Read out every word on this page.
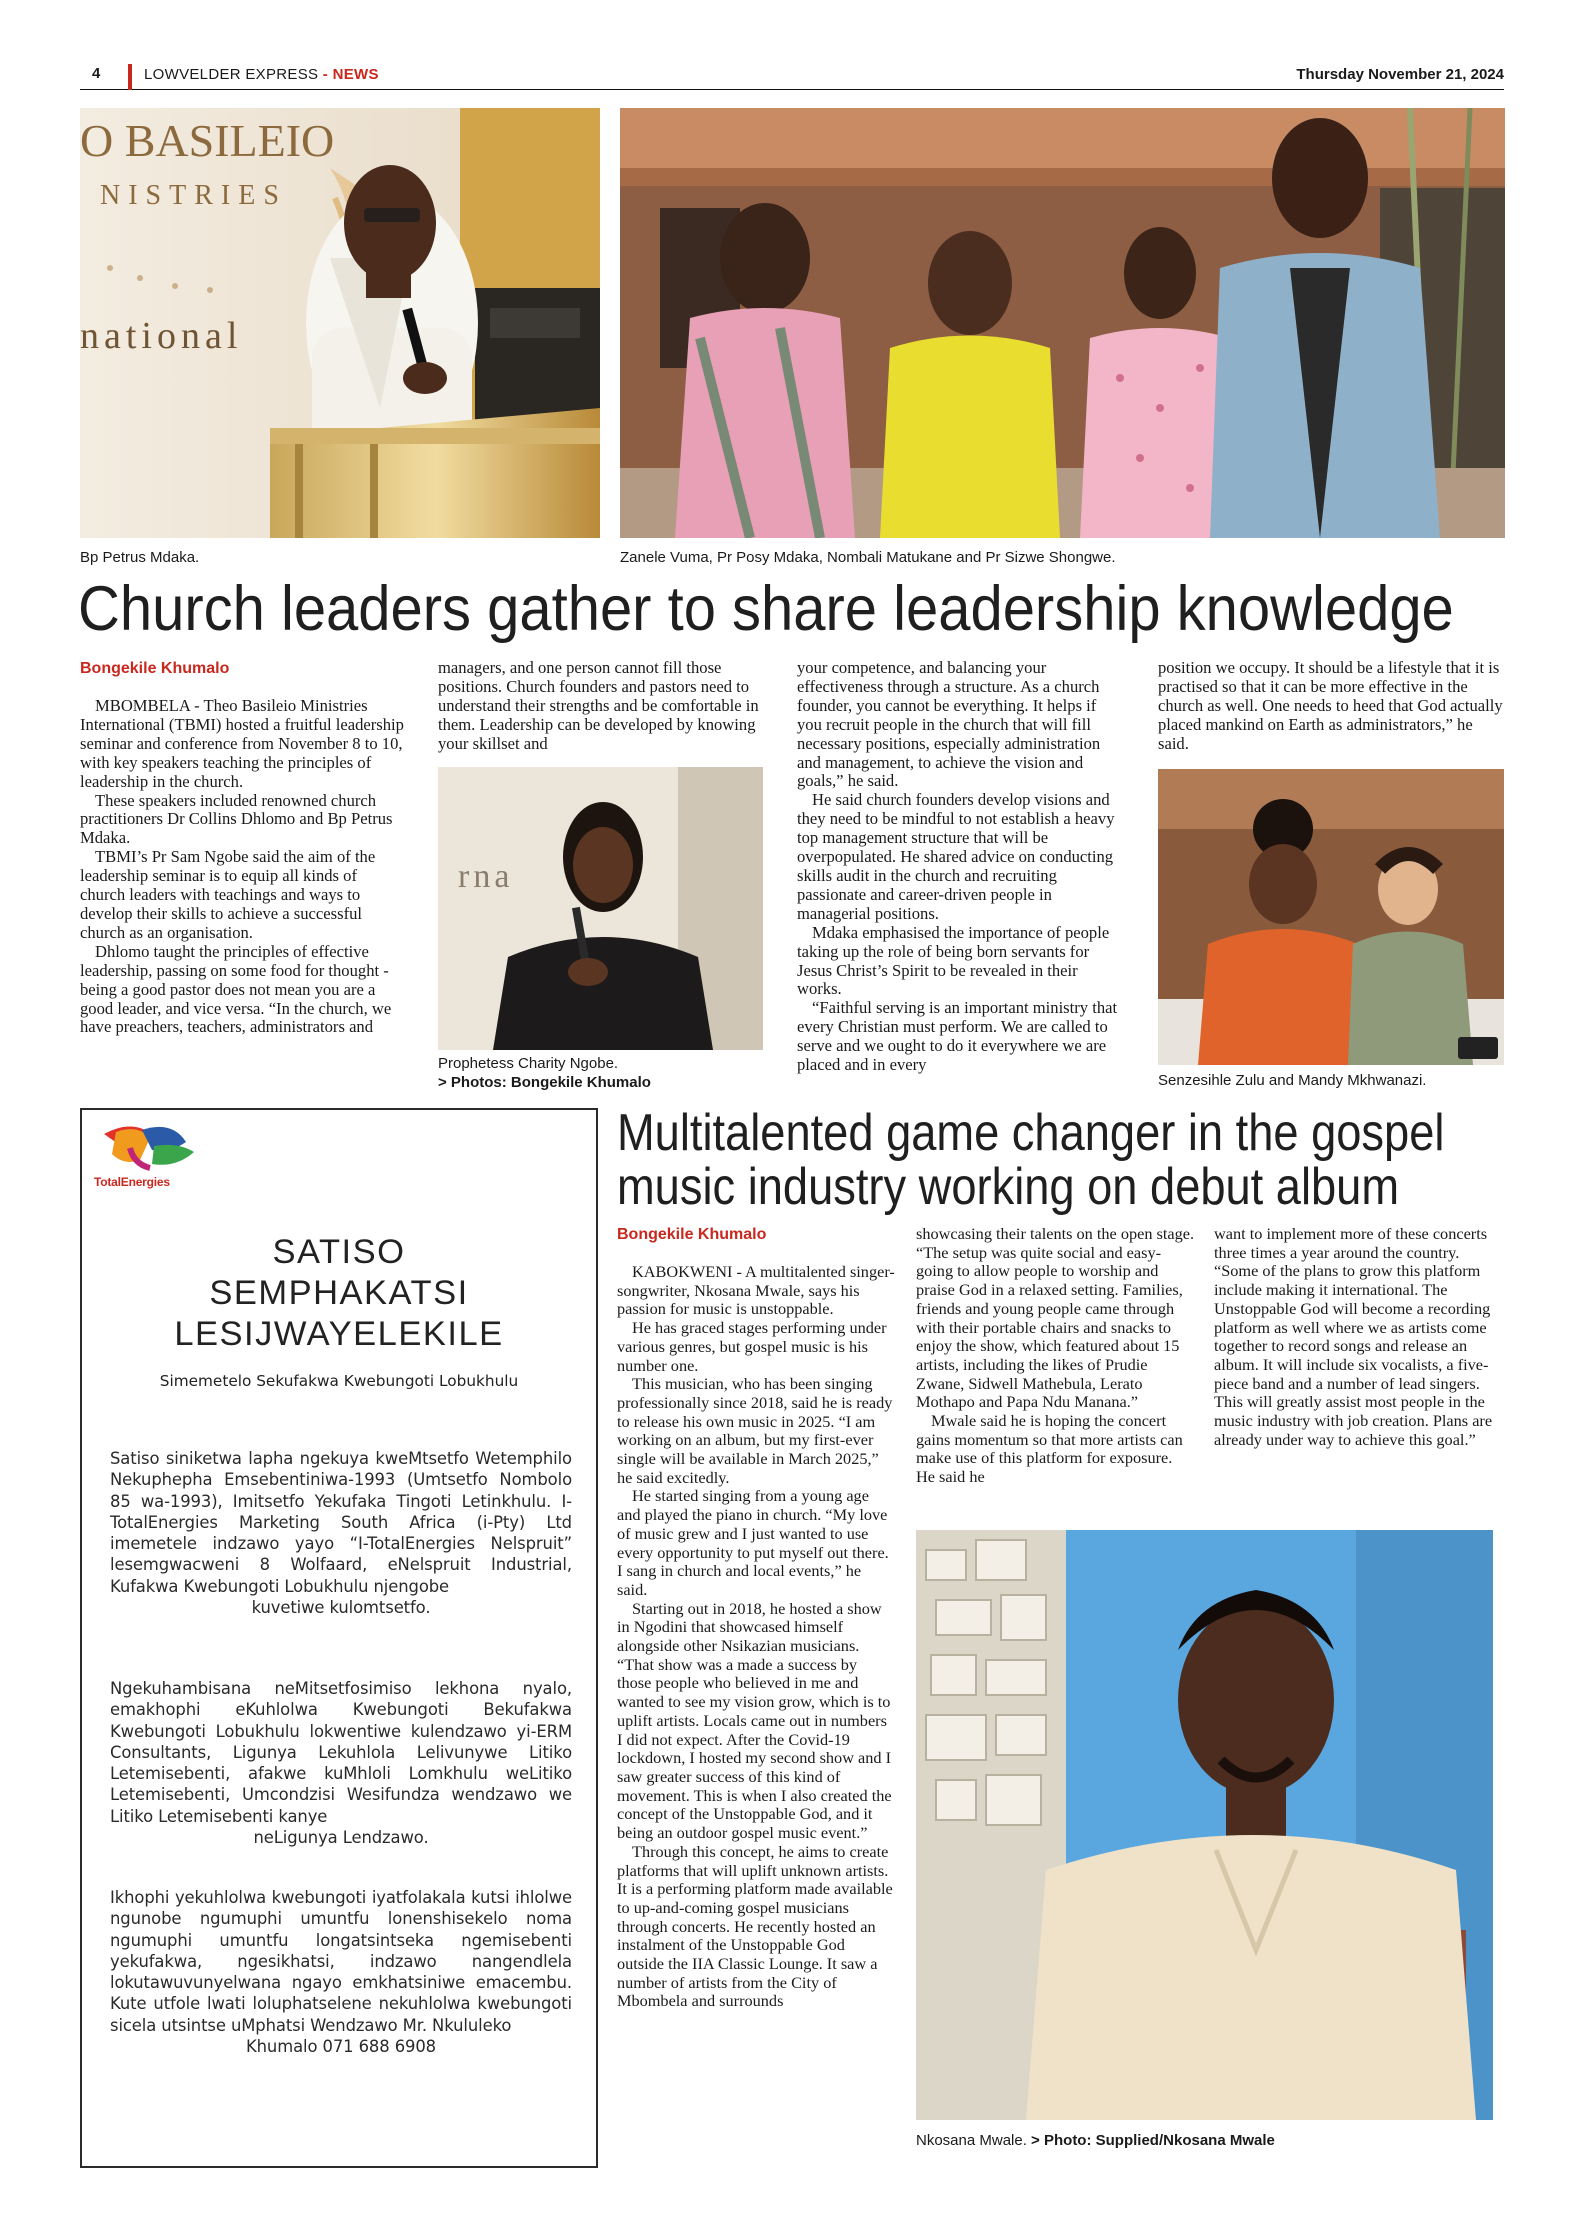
4	LOWVELDER EXPRESS - NEWS	Thursday November 21, 2024
O BASILEIO
NISTRIES
national
Bp Petrus Mdaka.	Zanele Vuma, Pr Posy Mdaka, Nombali Matukane and Pr Sizwe Shongwe.
Church leaders gather to share leadership knowledge
Bongekile Khumalo

MBOMBELA - Theo Basileio Ministries International (TBMI) hosted a fruitful leadership seminar and conference from November 8 to 10, with key speakers teaching the principles of leadership in the church.

These speakers included renowned church practitioners Dr Collins Dhlomo and Bp Petrus Mdaka.

TBMI’s Pr Sam Ngobe said the aim of the leadership seminar is to equip all kinds of church leaders with teachings and ways to develop their skills to achieve a successful church as an organisation.

Dhlomo taught the principles of effective leadership, passing on some food for thought - being a good pastor does not mean you are a good leader, and vice versa. “In the church, we have preachers, teachers, administrators and

managers, and one person cannot fill those positions. Church founders and pastors need to understand their strengths and be comfortable in them. Leadership can be developed by knowing your skillset and

rna
Prophetess Charity Ngobe.
> Photos: Bongekile Khumalo

your competence, and balancing your effectiveness through a structure. As a church founder, you cannot be everything. It helps if you recruit people in the church that will fill necessary positions, especially administration and management, to achieve the vision and goals,” he said.

He said church founders develop visions and they need to be mindful to not establish a heavy top management structure that will be overpopulated. He shared advice on conducting skills audit in the church and recruiting passionate and career-driven people in managerial positions.

Mdaka emphasised the importance of people taking up the role of being born servants for Jesus Christ’s Spirit to be revealed in their works.

“Faithful serving is an important ministry that every Christian must perform. We are called to serve and we ought to do it everywhere we are placed and in every

position we occupy. It should be a lifestyle that it is practised so that it can be more effective in the church as well. One needs to heed that God actually placed mankind on Earth as administrators,” he said.

Senzesihle Zulu and Mandy Mkhwanazi.
TotalEnergies
SATISO
SEMPHAKATSI
LESIJWAYELEKILE
Simemetelo Sekufakwa Kwebungoti Lobukhulu
Satiso siniketwa lapha ngekuya kweMtsetfo Wetemphilo Nekuphepha Emsebentiniwa-1993 (Umtsetfo Nombolo 85 wa-1993), Imitsetfo Yekufaka Tingoti Letinkhulu. I-TotalEnergies Marketing South Africa (i-Pty) Ltd imemetele indzawo yayo “I-TotalEnergies Nelspruit” lesemgwacweni 8 Wolfaard, eNelspruit Industrial, Kufakwa Kwebungoti Lobukhulu njengobe
kuvetiwe kulomtsetfo.
Ngekuhambisana neMitsetfosimiso lekhona nyalo, emakhophi eKuhlolwa Kwebungoti Bekufakwa Kwebungoti Lobukhulu lokwentiwe kulendzawo yi-ERM Consultants, Ligunya Lekuhlola Lelivunywe Litiko Letemisebenti, afakwe kuMhloli Lomkhulu weLitiko Letemisebenti, Umcondzisi Wesifundza wendzawo we Litiko Letemisebenti kanye
neLigunya Lendzawo.
Ikhophi yekuhlolwa kwebungoti iyatfolakala kutsi ihlolwe ngunobe ngumuphi umuntfu lonenshisekelo noma ngumuphi umuntfu longatsintseka ngemisebenti yekufakwa, ngesikhatsi, indzawo nangendlela lokutawuvunyelwana ngayo emkhatsiniwe emacembu. Kute utfole lwati loluphatselene nekuhlolwa kwebungoti sicela utsintse uMphatsi Wendzawo Mr. Nkululeko
Khumalo 071 688 6908
Multitalented game changer in the gospel
music industry working on debut album
Bongekile Khumalo

KABOKWENI - A multitalented singer-songwriter, Nkosana Mwale, says his passion for music is unstoppable.

He has graced stages performing under various genres, but gospel music is his number one.

This musician, who has been singing professionally since 2018, said he is ready to release his own music in 2025. “I am working on an album, but my first-ever single will be available in March 2025,” he said excitedly.

He started singing from a young age and played the piano in church. “My love of music grew and I just wanted to use every opportunity to put myself out there. I sang in church and local events,” he said.

Starting out in 2018, he hosted a show in Ngodini that showcased himself alongside other Nsikazian musicians. “That show was a made a success by those people who believed in me and wanted to see my vision grow, which is to uplift artists. Locals came out in numbers I did not expect. After the Covid-19 lockdown, I hosted my second show and I saw greater success of this kind of movement. This is when I also created the concept of the Unstoppable God, and it being an outdoor gospel music event.”

Through this concept, he aims to create platforms that will uplift unknown artists. It is a performing platform made available to up-and-coming gospel musicians through concerts. He recently hosted an instalment of the Unstoppable God outside the IIA Classic Lounge. It saw a number of artists from the City of Mbombela and surrounds

showcasing their talents on the open stage. “The setup was quite social and easy-going to allow people to worship and praise God in a relaxed setting. Families, friends and young people came through with their portable chairs and snacks to enjoy the show, which featured about 15 artists, including the likes of Prudie Zwane, Sidwell Mathebula, Lerato Mothapo and Papa Ndu Manana.”

Mwale said he is hoping the concert gains momentum so that more artists can make use of this platform for exposure. He said he

want to implement more of these concerts three times a year around the country. “Some of the plans to grow this platform include making it international. The Unstoppable God will become a recording platform as well where we as artists come together to record songs and release an album. It will include six vocalists, a five-piece band and a number of lead singers. This will greatly assist most people in the music industry with job creation. Plans are already under way to achieve this goal.”

Nkosana Mwale. > Photo: Supplied/Nkosana Mwale
